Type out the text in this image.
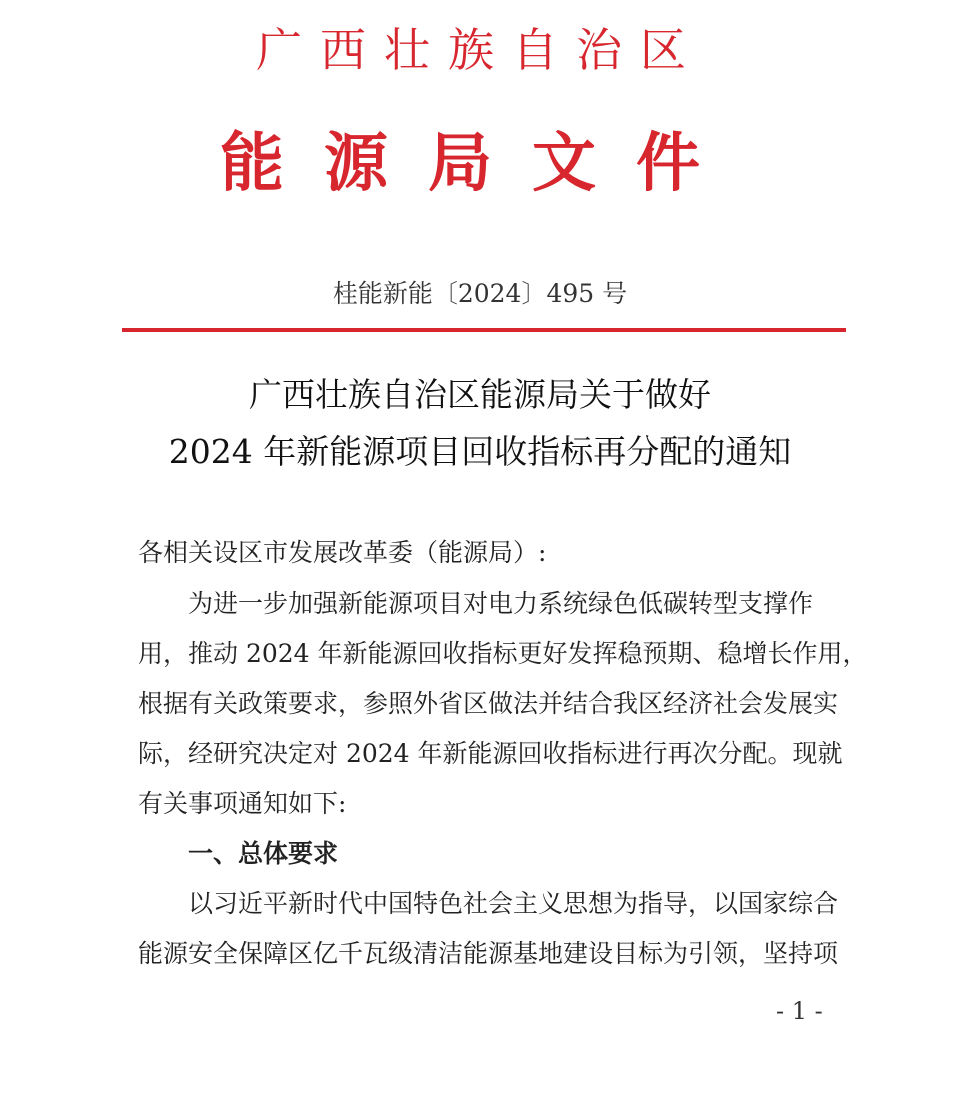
广西壮族自治区
能源局文件
桂能新能〔2024〕495 号
广西壮族自治区能源局关于做好
2024 年新能源项目回收指标再分配的通知
各相关设区市发展改革委（能源局）:
为进一步加强新能源项目对电力系统绿色低碳转型支撑作
用，推动 2024 年新能源回收指标更好发挥稳预期、稳增长作用，
根据有关政策要求，参照外省区做法并结合我区经济社会发展实
际，经研究决定对 2024 年新能源回收指标进行再次分配。现就
有关事项通知如下:
一、总体要求
以习近平新时代中国特色社会主义思想为指导，以国家综合
能源安全保障区亿千瓦级清洁能源基地建设目标为引领，坚持项
- 1 -
